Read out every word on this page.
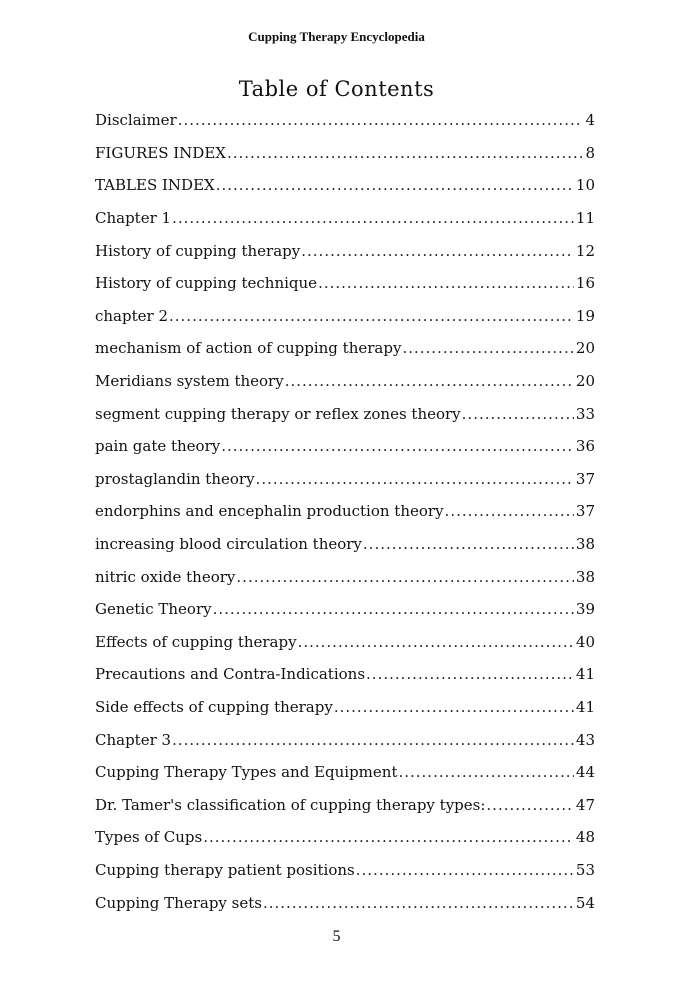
Cupping Therapy Encyclopedia
Table of Contents
Disclaimer .....	4
FIGURES INDEX .....	8
TABLES INDEX .....	10
Chapter 1 .....	11
History of cupping therapy .....	12
History of cupping technique .....	16
chapter 2 .....	19
mechanism of action of cupping therapy .....	20
Meridians system theory .....	20
segment cupping therapy or reflex zones theory .....	33
pain gate theory .....	36
prostaglandin theory .....	37
endorphins and encephalin production theory .....	37
increasing blood circulation theory .....	38
nitric oxide theory .....	38
Genetic Theory .....	39
Effects of cupping therapy .....	40
Precautions and Contra-Indications .....	41
Side effects of cupping therapy .....	41
Chapter 3 .....	43
Cupping Therapy Types and Equipment .....	44
Dr. Tamer's classification of cupping therapy types: .....	47
Types of Cups .....	48
Cupping therapy patient positions .....	53
Cupping Therapy sets .....	54
5
